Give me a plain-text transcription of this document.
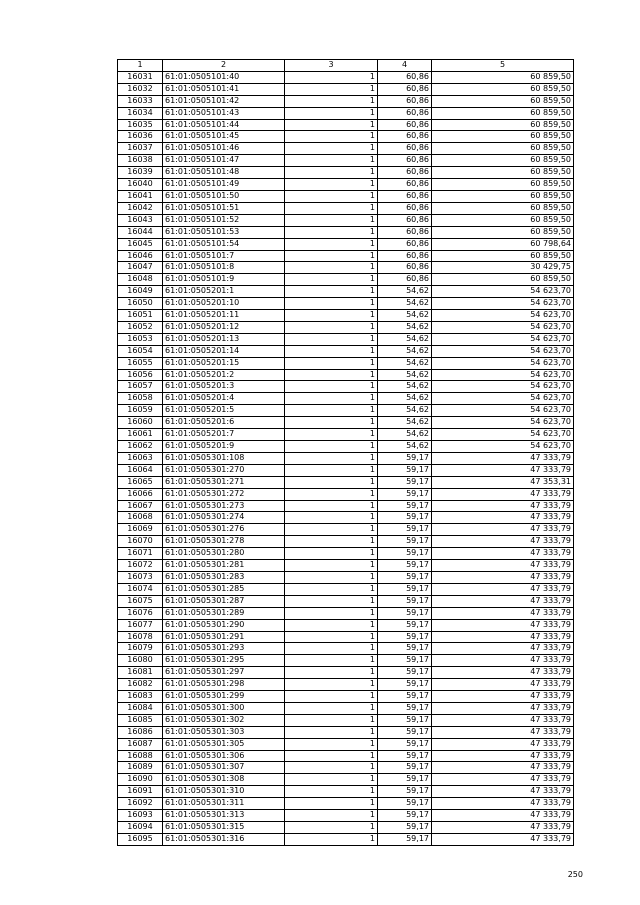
1	2	3	4	5
16031	61:01:0505101:40	1	60,86	60 859,50
16032	61:01:0505101:41	1	60,86	60 859,50
16033	61:01:0505101:42	1	60,86	60 859,50
16034	61:01:0505101:43	1	60,86	60 859,50
16035	61:01:0505101:44	1	60,86	60 859,50
16036	61:01:0505101:45	1	60,86	60 859,50
16037	61:01:0505101:46	1	60,86	60 859,50
16038	61:01:0505101:47	1	60,86	60 859,50
16039	61:01:0505101:48	1	60,86	60 859,50
16040	61:01:0505101:49	1	60,86	60 859,50
16041	61:01:0505101:50	1	60,86	60 859,50
16042	61:01:0505101:51	1	60,86	60 859,50
16043	61:01:0505101:52	1	60,86	60 859,50
16044	61:01:0505101:53	1	60,86	60 859,50
16045	61:01:0505101:54	1	60,86	60 798,64
16046	61:01:0505101:7	1	60,86	60 859,50
16047	61:01:0505101:8	1	60,86	30 429,75
16048	61:01:0505101:9	1	60,86	60 859,50
16049	61:01:0505201:1	1	54,62	54 623,70
16050	61:01:0505201:10	1	54,62	54 623,70
16051	61:01:0505201:11	1	54,62	54 623,70
16052	61:01:0505201:12	1	54,62	54 623,70
16053	61:01:0505201:13	1	54,62	54 623,70
16054	61:01:0505201:14	1	54,62	54 623,70
16055	61:01:0505201:15	1	54,62	54 623,70
16056	61:01:0505201:2	1	54,62	54 623,70
16057	61:01:0505201:3	1	54,62	54 623,70
16058	61:01:0505201:4	1	54,62	54 623,70
16059	61:01:0505201:5	1	54,62	54 623,70
16060	61:01:0505201:6	1	54,62	54 623,70
16061	61:01:0505201:7	1	54,62	54 623,70
16062	61:01:0505201:9	1	54,62	54 623,70
16063	61:01:0505301:108	1	59,17	47 333,79
16064	61:01:0505301:270	1	59,17	47 333,79
16065	61:01:0505301:271	1	59,17	47 353,31
16066	61:01:0505301:272	1	59,17	47 333,79
16067	61:01:0505301:273	1	59,17	47 333,79
16068	61:01:0505301:274	1	59,17	47 333,79
16069	61:01:0505301:276	1	59,17	47 333,79
16070	61:01:0505301:278	1	59,17	47 333,79
16071	61:01:0505301:280	1	59,17	47 333,79
16072	61:01:0505301:281	1	59,17	47 333,79
16073	61:01:0505301:283	1	59,17	47 333,79
16074	61:01:0505301:285	1	59,17	47 333,79
16075	61:01:0505301:287	1	59,17	47 333,79
16076	61:01:0505301:289	1	59,17	47 333,79
16077	61:01:0505301:290	1	59,17	47 333,79
16078	61:01:0505301:291	1	59,17	47 333,79
16079	61:01:0505301:293	1	59,17	47 333,79
16080	61:01:0505301:295	1	59,17	47 333,79
16081	61:01:0505301:297	1	59,17	47 333,79
16082	61:01:0505301:298	1	59,17	47 333,79
16083	61:01:0505301:299	1	59,17	47 333,79
16084	61:01:0505301:300	1	59,17	47 333,79
16085	61:01:0505301:302	1	59,17	47 333,79
16086	61:01:0505301:303	1	59,17	47 333,79
16087	61:01:0505301:305	1	59,17	47 333,79
16088	61:01:0505301:306	1	59,17	47 333,79
16089	61:01:0505301:307	1	59,17	47 333,79
16090	61:01:0505301:308	1	59,17	47 333,79
16091	61:01:0505301:310	1	59,17	47 333,79
16092	61:01:0505301:311	1	59,17	47 333,79
16093	61:01:0505301:313	1	59,17	47 333,79
16094	61:01:0505301:315	1	59,17	47 333,79
16095	61:01:0505301:316	1	59,17	47 333,79
250
